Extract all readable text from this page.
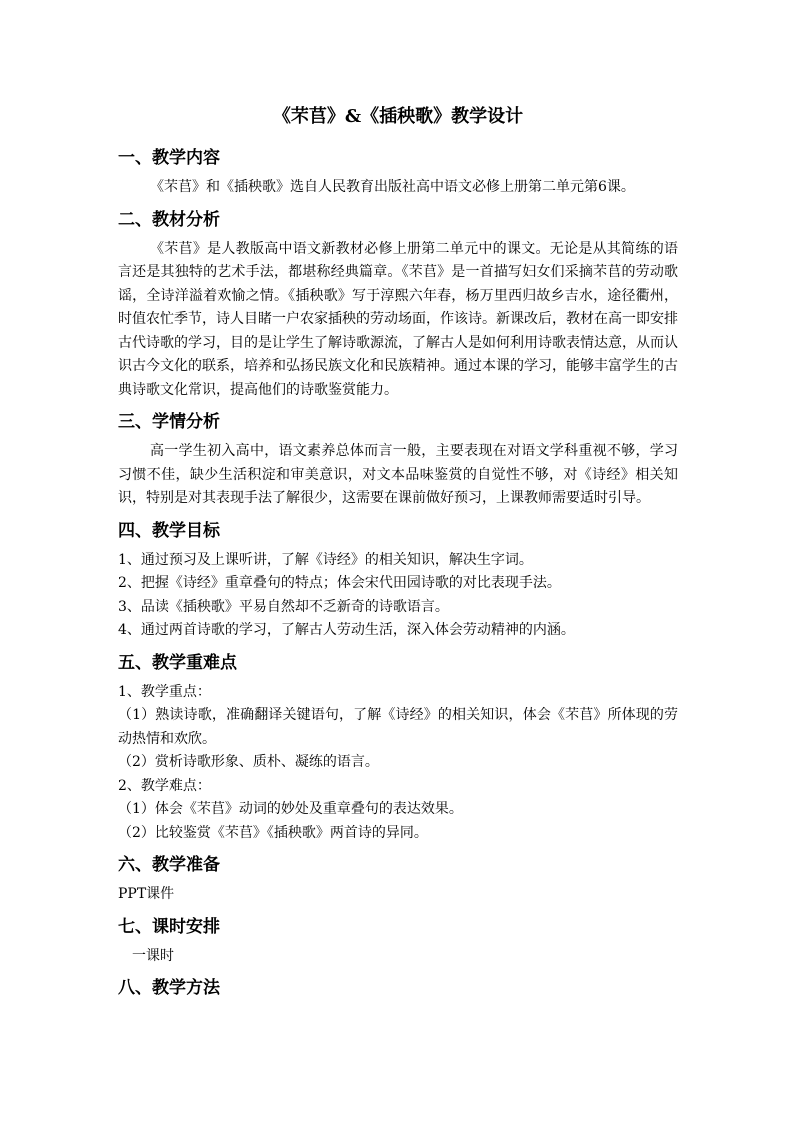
《芣苢》&《插秧歌》教学设计
一、教学内容

《芣苢》和《插秧歌》选自人民教育出版社高中语文必修上册第二单元第6课。

二、教材分析

《芣苢》是人教版高中语文新教材必修上册第二单元中的课文。无论是从其简练的语言还是其独特的艺术手法，都堪称经典篇章。《芣苢》是一首描写妇女们采摘芣苢的劳动歌谣，全诗洋溢着欢愉之情。《插秧歌》写于淳熙六年春，杨万里西归故乡吉水，途径衢州，时值农忙季节，诗人目睹一户农家插秧的劳动场面，作该诗。新课改后，教材在高一即安排古代诗歌的学习，目的是让学生了解诗歌源流，了解古人是如何利用诗歌表情达意，从而认识古今文化的联系，培养和弘扬民族文化和民族精神。通过本课的学习，能够丰富学生的古典诗歌文化常识，提高他们的诗歌鉴赏能力。

三、学情分析

高一学生初入高中，语文素养总体而言一般，主要表现在对语文学科重视不够，学习习惯不佳，缺少生活积淀和审美意识，对文本品味鉴赏的自觉性不够，对《诗经》相关知识，特别是对其表现手法了解很少，这需要在课前做好预习，上课教师需要适时引导。

四、教学目标

1、通过预习及上课听讲，了解《诗经》的相关知识，解决生字词。

2、把握《诗经》重章叠句的特点；体会宋代田园诗歌的对比表现手法。

3、品读《插秧歌》平易自然却不乏新奇的诗歌语言。

4、通过两首诗歌的学习，了解古人劳动生活，深入体会劳动精神的内涵。

五、教学重难点

1、教学重点：

（1）熟读诗歌，准确翻译关键语句，了解《诗经》的相关知识，体会《芣苢》所体现的劳动热情和欢欣。

（2）赏析诗歌形象、质朴、凝练的语言。

2、教学难点：

（1）体会《芣苢》动词的妙处及重章叠句的表达效果。

（2）比较鉴赏《芣苢》《插秧歌》两首诗的异同。

六、教学准备

PPT课件

七、课时安排

一课时

八、教学方法
